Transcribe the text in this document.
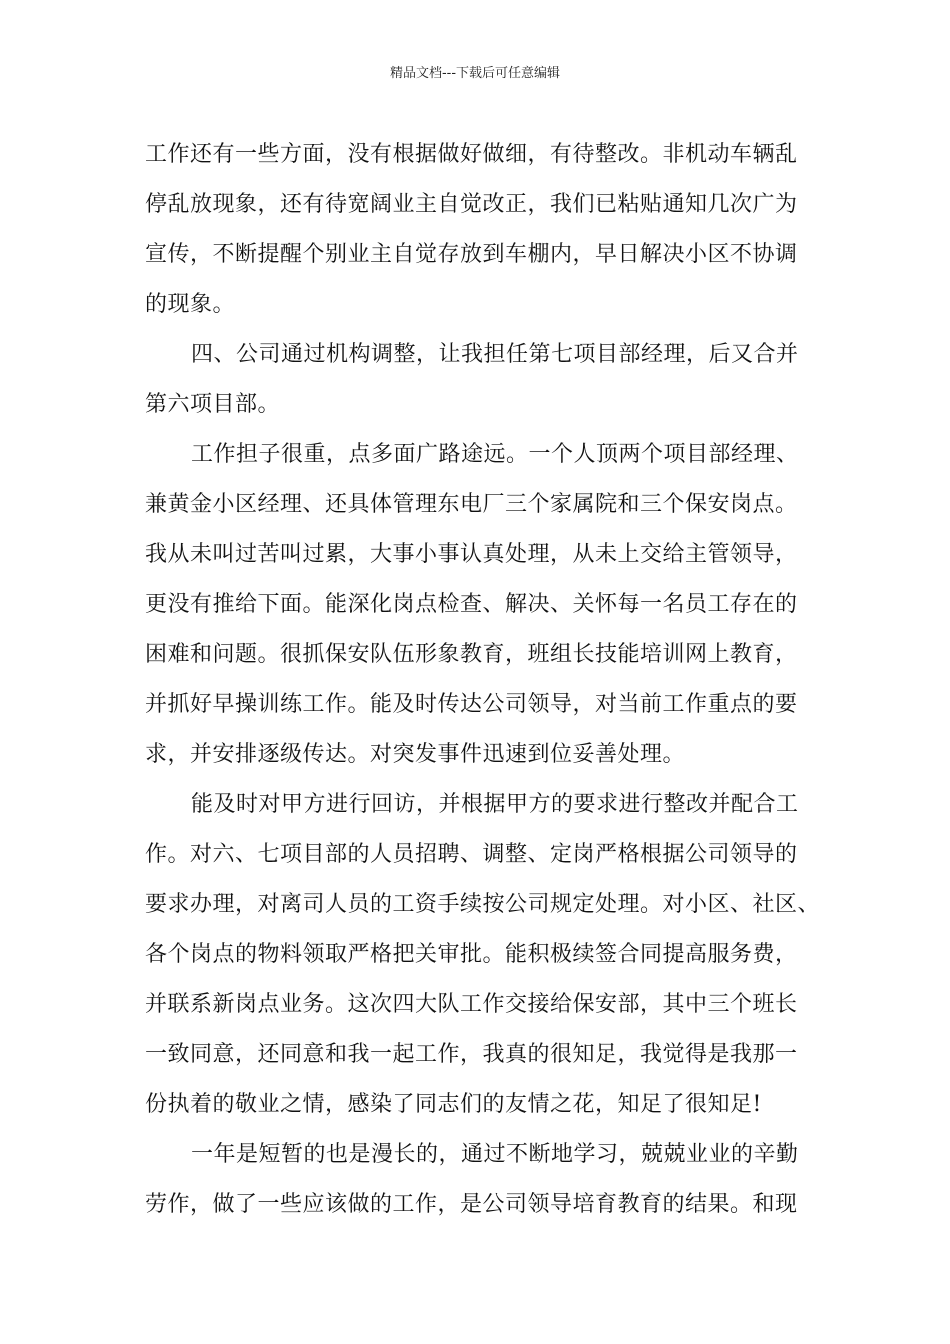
精品文档---下载后可任意编辑
工作还有一些方面，没有根据做好做细，有待整改。非机动车辆乱
停乱放现象，还有待宽阔业主自觉改正，我们已粘贴通知几次广为
宣传，不断提醒个别业主自觉存放到车棚内，早日解决小区不协调
的现象。
四、公司通过机构调整，让我担任第七项目部经理，后又合并
第六项目部。
工作担子很重，点多面广路途远。一个人顶两个项目部经理、
兼黄金小区经理、还具体管理东电厂三个家属院和三个保安岗点。
我从未叫过苦叫过累，大事小事认真处理，从未上交给主管领导，
更没有推给下面。能深化岗点检查、解决、关怀每一名员工存在的
困难和问题。很抓保安队伍形象教育，班组长技能培训网上教育，
并抓好早操训练工作。能及时传达公司领导，对当前工作重点的要
求，并安排逐级传达。对突发事件迅速到位妥善处理。
能及时对甲方进行回访，并根据甲方的要求进行整改并配合工
作。对六、七项目部的人员招聘、调整、定岗严格根据公司领导的
要求办理，对离司人员的工资手续按公司规定处理。对小区、社区、
各个岗点的物料领取严格把关审批。能积极续签合同提高服务费，
并联系新岗点业务。这次四大队工作交接给保安部，其中三个班长
一致同意，还同意和我一起工作，我真的很知足，我觉得是我那一
份执着的敬业之情，感染了同志们的友情之花，知足了很知足!
一年是短暂的也是漫长的，通过不断地学习，兢兢业业的辛勤
劳作，做了一些应该做的工作，是公司领导培育教育的结果。和现
